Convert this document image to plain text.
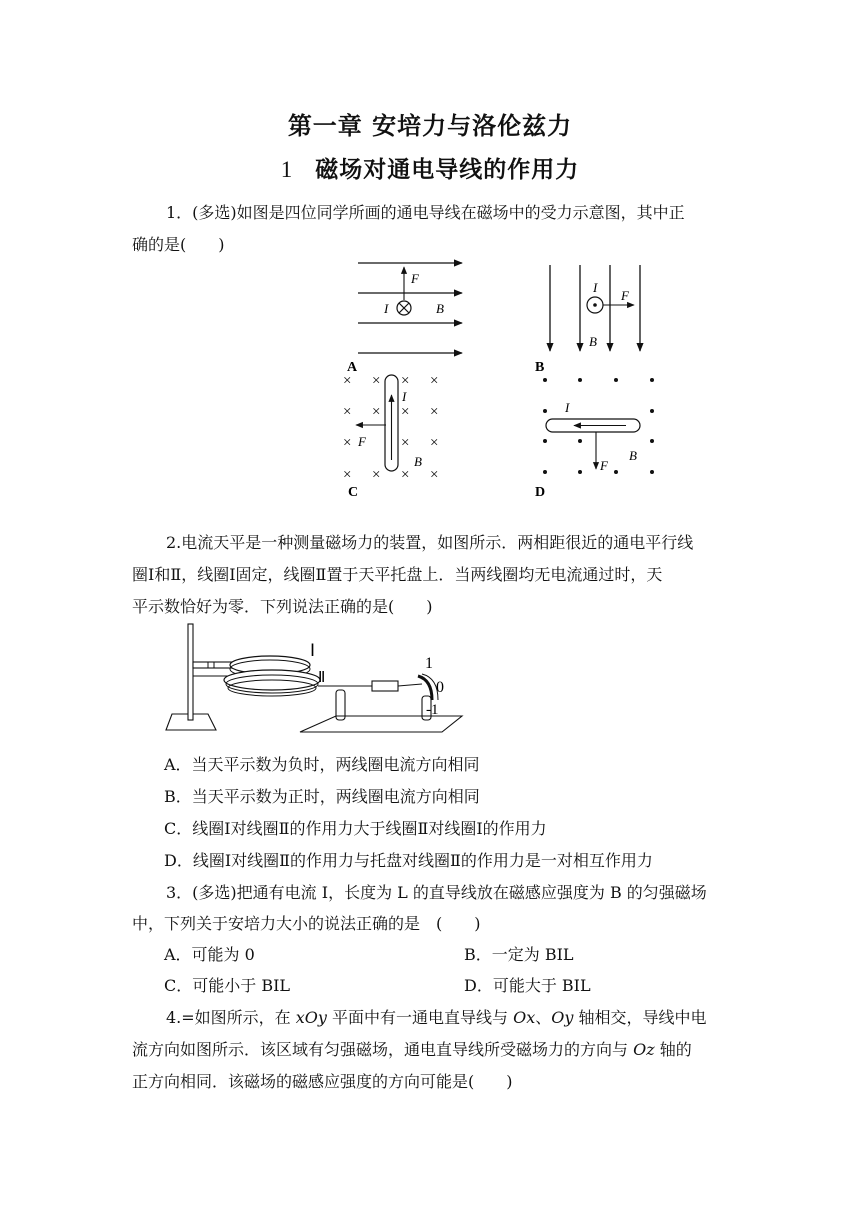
第一章 安培力与洛伦兹力
1 磁场对通电导线的作用力
1．(多选)如图是四位同学所画的通电导线在磁场中的受力示意图，其中正
确的是(　　)
F
I	B
A
I
F
B
B
× × × ×
× × × ×
×	× ×
× × × ×
I
F
B
C
I
F
B
D
2.电流天平是一种测量磁场力的装置，如图所示．两相距很近的通电平行线
圈Ⅰ和Ⅱ，线圈Ⅰ固定，线圈Ⅱ置于天平托盘上．当两线圈均无电流通过时，天
平示数恰好为零．下列说法正确的是(　　)
Ⅰ
Ⅱ
1
0
-1
A．当天平示数为负时，两线圈电流方向相同
B．当天平示数为正时，两线圈电流方向相同
C．线圈Ⅰ对线圈Ⅱ的作用力大于线圈Ⅱ对线圈Ⅰ的作用力
D．线圈Ⅰ对线圈Ⅱ的作用力与托盘对线圈Ⅱ的作用力是一对相互作用力
3．(多选)把通有电流 I，长度为 L 的直导线放在磁感应强度为 B 的匀强磁场
中，下列关于安培力大小的说法正确的是　(　　)
A．可能为 0	B．一定为 BIL
C．可能小于 BIL	D．可能大于 BIL
4.=如图所示，在 xOy 平面中有一通电直导线与 Ox、Oy 轴相交，导线中电
流方向如图所示．该区域有匀强磁场，通电直导线所受磁场力的方向与 Oz 轴的
正方向相同．该磁场的磁感应强度的方向可能是(　　)
